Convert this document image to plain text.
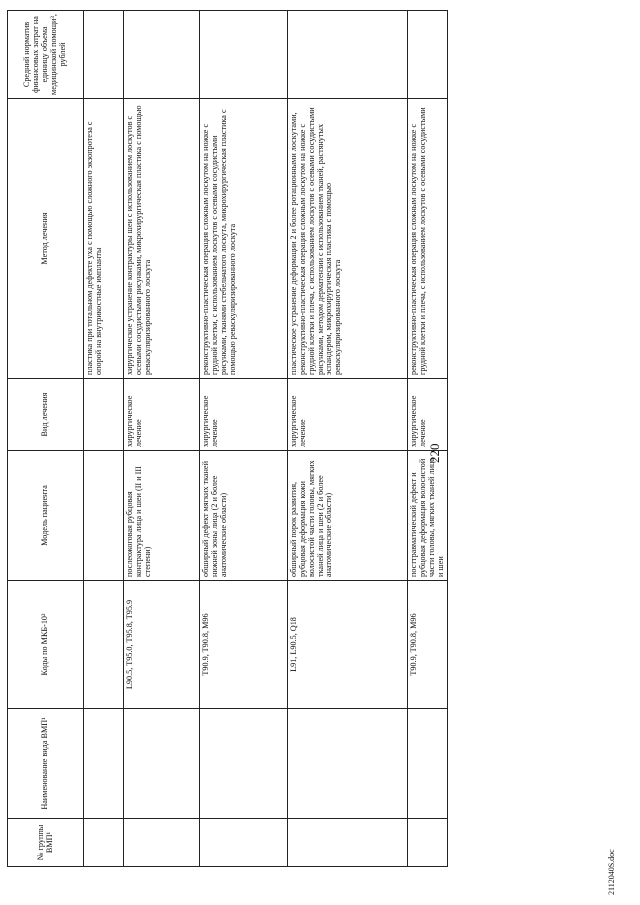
220
№ группы ВМП¹	Наименование вида ВМП¹	Коды по МКБ-10²	Модель пациента	Вид лечения	Метод лечения	Средний норматив финансовых затрат на единицу объема медицинской помощи³, рублей
					пластика при тотальном дефекте уха с помощью сложного экзопротеза с опорой на внутрикостные импланты	
		L90.5, T95.0, T95.8, T95.9	послеожоговая рубцовая контрактура лица и шеи (II и III степени)	хирургическое лечение	хирургическое устранение контрактуры шеи с использованием лоскутов с осевыми сосудистыми рисунками, микрохирургическая пластика с помощью реваскуляризированного лоскута	
		T90.9, T90.8, M96	обширный дефект мягких тканей нижней зоны лица (2 и более анатомические области)	хирургическое лечение	реконструктивно-пластическая операция сложным лоскутом на ножке с грудной клетки, с использованием лоскутов с осевыми сосудистыми рисунками, тканями стебельчатого лоскута, микрохирургическая пластика с помощью реваскуляризированного лоскута	
		L91, L90.5, Q18	обширный порок развития, рубцовая деформация кожи волосистой части головы, мягких тканей лица и шеи (2 и более анатомические области)	хирургическое лечение	пластическое устранение деформации 2 и более ротационными лоскутами, реконструктивно-пластическая операция сложным лоскутом на ножке с грудной клетки и плеча, с использованием лоскутов с осевыми сосудистыми рисунками, методом дерматензии с использованием тканей, растянутых эспандером, микрохирургическая пластика с помощью реваскуляризированного лоскута	
		T90.9, T90.8, M96	посттравматический дефект и рубцовая деформация волосистой части головы, мягких тканей лица и шеи	хирургическое лечение	реконструктивно-пластическая операция сложным лоскутом на ножке с грудной клетки и плеча, с использованием лоскутов с осевыми сосудистыми	
2112040S.doc
